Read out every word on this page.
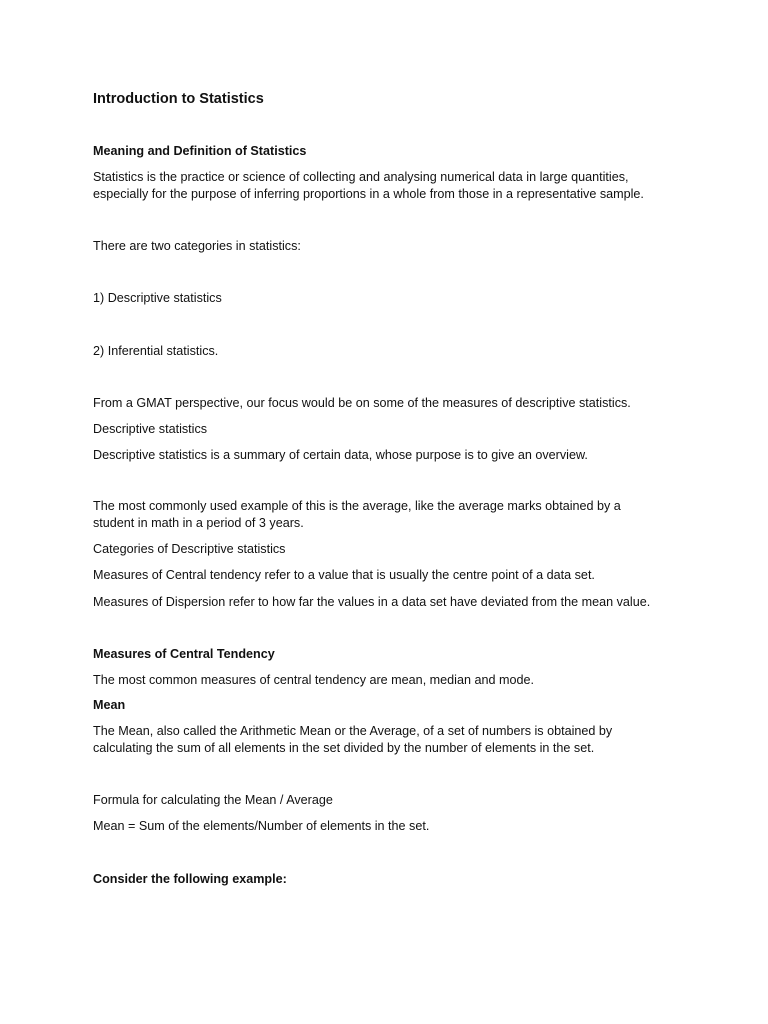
Introduction to Statistics
Meaning and Definition of Statistics
Statistics is the practice or science of collecting and analysing numerical data in large quantities,
especially for the purpose of inferring proportions in a whole from those in a representative sample.
There are two categories in statistics:
1) Descriptive statistics
2) Inferential statistics.
From a GMAT perspective, our focus would be on some of the measures of descriptive statistics.
Descriptive statistics
Descriptive statistics is a summary of certain data, whose purpose is to give an overview.
The most commonly used example of this is the average, like the average marks obtained by a
student in math in a period of 3 years.
Categories of Descriptive statistics
Measures of Central tendency refer to a value that is usually the centre point of a data set.
Measures of Dispersion refer to how far the values in a data set have deviated from the mean value.
Measures of Central Tendency
The most common measures of central tendency are mean, median and mode.
Mean
The Mean, also called the Arithmetic Mean or the Average, of a set of numbers is obtained by
calculating the sum of all elements in the set divided by the number of elements in the set.
Formula for calculating the Mean / Average
Mean = Sum of the elements/Number of elements in the set.
Consider the following example:
